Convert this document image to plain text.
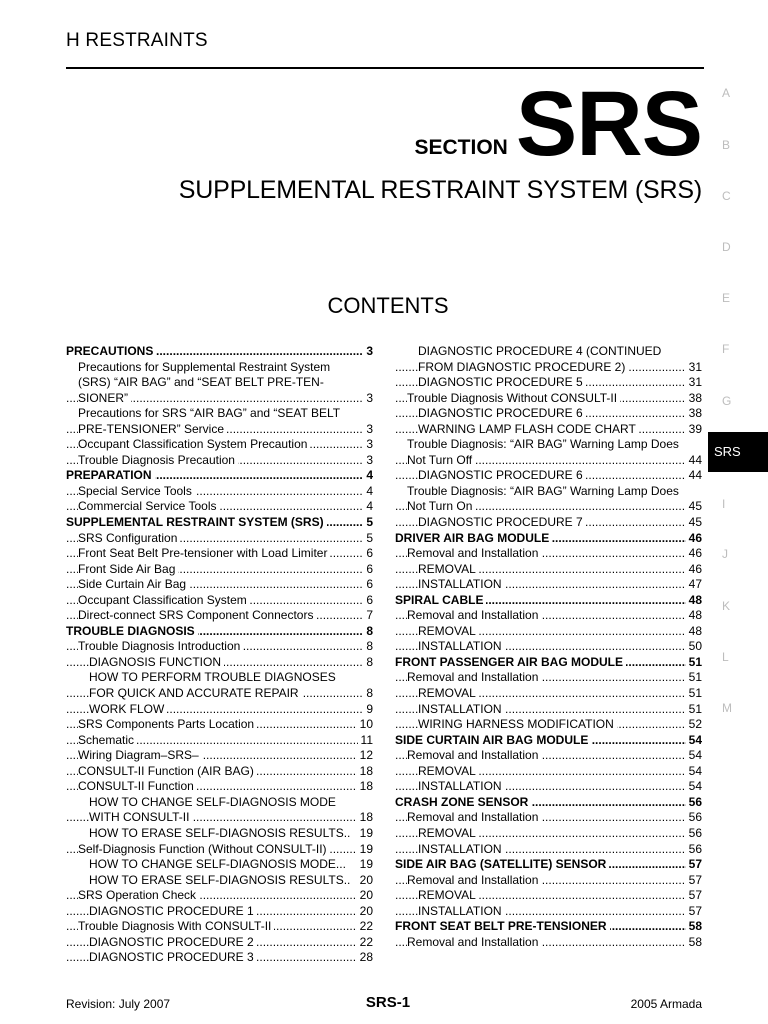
H RESTRAINTS
SECTION SRS
SUPPLEMENTAL RESTRAINT SYSTEM (SRS)
CONTENTS
PRECAUTIONS	3
.....
Precautions for Supplemental Restraint System
(SRS) “AIR BAG” and “SEAT BELT PRE-TEN-
SIONER”	3
.....
Precautions for SRS “AIR BAG” and “SEAT BELT
PRE-TENSIONER” Service	3
.....
Occupant Classification System Precaution	3
.....
Trouble Diagnosis Precaution	3
.....
PREPARATION	4
.....
Special Service Tools	4
.....
Commercial Service Tools	4
.....
SUPPLEMENTAL RESTRAINT SYSTEM (SRS)	5
.....
SRS Configuration	5
.....
Front Seat Belt Pre-tensioner with Load Limiter	6
.....
Front Side Air Bag	6
.....
Side Curtain Air Bag	6
.....
Occupant Classification System	6
.....
Direct-connect SRS Component Connectors	7
.....
TROUBLE DIAGNOSIS	8
.....
Trouble Diagnosis Introduction	8
.....
DIAGNOSIS FUNCTION	8
.....
HOW TO PERFORM TROUBLE DIAGNOSES
FOR QUICK AND ACCURATE REPAIR	8
.....
WORK FLOW	9
.....
SRS Components Parts Location	10
.....
Schematic	11
.....
Wiring Diagram–SRS–	12
.....
CONSULT-II Function (AIR BAG)	18
.....
CONSULT-II Function	18
.....
HOW TO CHANGE SELF-DIAGNOSIS MODE
WITH CONSULT-II	18
.....
HOW TO ERASE SELF-DIAGNOSIS RESULTS.. 19
Self-Diagnosis Function (Without CONSULT-II)	19
.....
HOW TO CHANGE SELF-DIAGNOSIS MODE... 19
HOW TO ERASE SELF-DIAGNOSIS RESULTS.. 20
SRS Operation Check	20
.....
DIAGNOSTIC PROCEDURE 1	20
.....
Trouble Diagnosis With CONSULT-II	22
.....
DIAGNOSTIC PROCEDURE 2	22
.....
DIAGNOSTIC PROCEDURE 3	28
.....
DIAGNOSTIC PROCEDURE 4 (CONTINUED
FROM DIAGNOSTIC PROCEDURE 2)	31
.....
DIAGNOSTIC PROCEDURE 5	31
.....
Trouble Diagnosis Without CONSULT-II	38
.....
DIAGNOSTIC PROCEDURE 6	38
.....
WARNING LAMP FLASH CODE CHART	39
.....
Trouble Diagnosis: “AIR BAG” Warning Lamp Does
Not Turn Off	44
.....
DIAGNOSTIC PROCEDURE 6	44
.....
Trouble Diagnosis: “AIR BAG” Warning Lamp Does
Not Turn On	45
.....
DIAGNOSTIC PROCEDURE 7	45
.....
DRIVER AIR BAG MODULE	46
.....
Removal and Installation	46
.....
REMOVAL	46
.....
INSTALLATION	47
.....
SPIRAL CABLE	48
.....
Removal and Installation	48
.....
REMOVAL	48
.....
INSTALLATION	50
.....
FRONT PASSENGER AIR BAG MODULE	51
.....
Removal and Installation	51
.....
REMOVAL	51
.....
INSTALLATION	51
.....
WIRING HARNESS MODIFICATION	52
.....
SIDE CURTAIN AIR BAG MODULE	54
.....
Removal and Installation	54
.....
REMOVAL	54
.....
INSTALLATION	54
.....
CRASH ZONE SENSOR	56
.....
Removal and Installation	56
.....
REMOVAL	56
.....
INSTALLATION	56
.....
SIDE AIR BAG (SATELLITE) SENSOR	57
.....
Removal and Installation	57
.....
REMOVAL	57
.....
INSTALLATION	57
.....
FRONT SEAT BELT PRE-TENSIONER	58
.....
Removal and Installation	58
.....
A
B
C
D
E
F
G
SRS
I
J
K
L
M
Revision: July 2007	SRS-1	2005 Armada
